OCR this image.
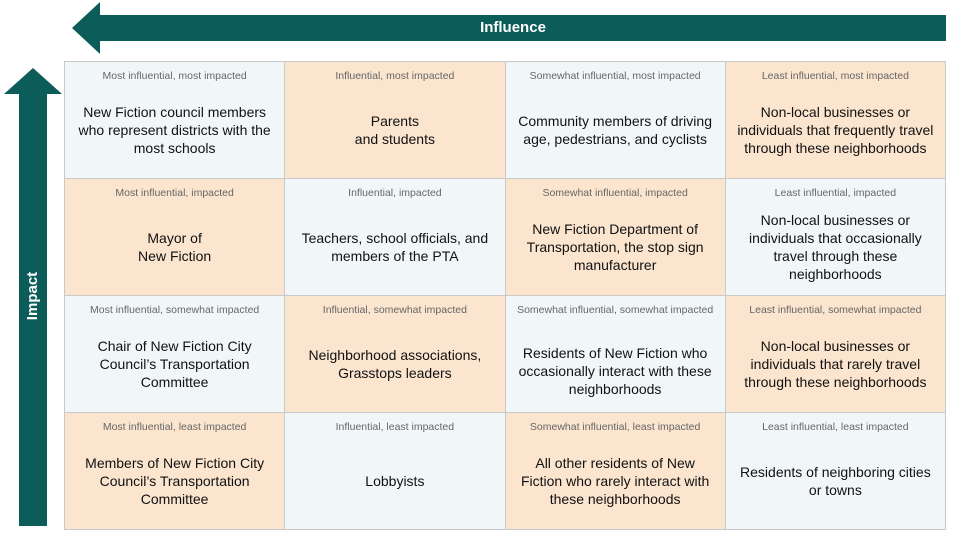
Influence
Impact
Most influential, most impacted
New Fiction council members who represent districts with the most schools
Influential, most impacted
Parents
and students
Somewhat influential, most impacted
Community members of driving age, pedestrians, and cyclists
Least influential, most impacted
Non-local businesses or individuals that frequently travel through these neighborhoods
Most influential, impacted
Mayor of
New Fiction
Influential, impacted
Teachers, school officials, and members of the PTA
Somewhat influential, impacted
New Fiction Department of Transportation, the stop sign manufacturer
Least influential, impacted
Non-local businesses or individuals that occasionally travel through these neighborhoods
Most influential, somewhat impacted
Chair of New Fiction City Council’s Transportation Committee
Influential, somewhat impacted
Neighborhood associations, Grasstops leaders
Somewhat influential, somewhat impacted
Residents of New Fiction who occasionally interact with these neighborhoods
Least influential, somewhat impacted
Non-local businesses or individuals that rarely travel through these neighborhoods
Most influential, least impacted
Members of New Fiction City Council’s Transportation Committee
Influential, least impacted
Lobbyists
Somewhat influential, least impacted
All other residents of New Fiction who rarely interact with these neighborhoods
Least influential, least impacted
Residents of neighboring cities or towns
